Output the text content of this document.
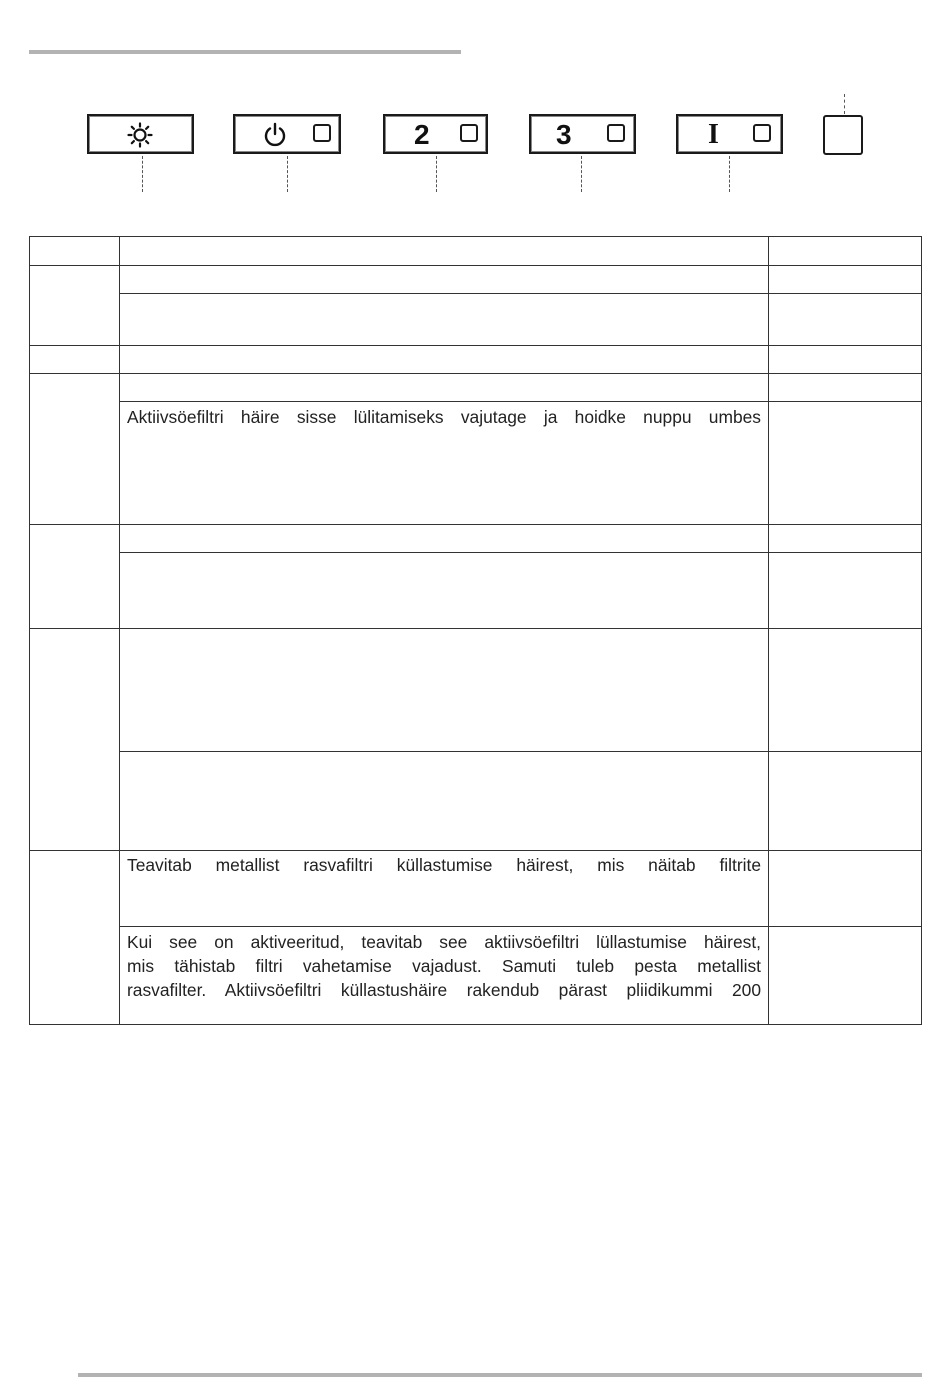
2	3	I
Aktiivsöefiltri häire sisse lülitamiseks vajutage ja hoidke nuppu umbes
Teavitab metallist rasvafiltri küllastumise häirest, mis näitab filtrite
Kui see on aktiveeritud, teavitab see aktiivsöefiltri lüllastumise häirest,
mis tähistab filtri vahetamise vajadust. Samuti tuleb pesta metallist
rasvafilter. Aktiivsöefiltri küllastushäire rakendub pärast pliidikummi 200
